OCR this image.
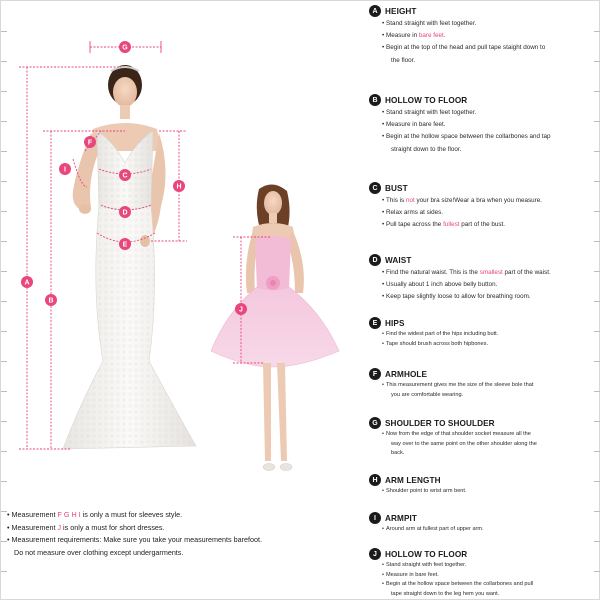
G
F
I
C
H
D
E
A
B
J
• Measurement F G H I is only a must for sleeves style.
• Measurement J is only a must for short dresses.
• Measurement requirements: Make sure you take your measurements barefoot.
Do not measure over clothing except undergarments.
A HEIGHT
• Stand straight with feet together.
• Measure in bare feet.
• Begin at the top of the head and pull tape staight down to
the floor.
B HOLLOW TO FLOOR
• Stand straight with feet together.
• Measure in bare feet.
• Begin at the hollow space between the collarbones and tap
straight down to the floor.
C BUST
• This is not your bra size!Wear a bra when you measure.
• Relax arms at sides.
• Pull tape across the fullest part of the bust.
D WAIST
• Find the natural waist. This is the smallest part of the waist.
• Usually about 1 inch above belly button.
• Keep tape slightly loose to allow for breathing room.
E HIPS
• Find the widest part of the hips including butt.
• Tape should brush across both hipbones.
F ARMHOLE
• This measurement gives me the size of the sleeve bole that
you are comfortable wearing.
G SHOULDER TO SHOULDER
• Now from the edge of that shoulder socket measure all the
way over to the same point on the other shoulder along the
back.
H ARM LENGTH
• Shoulder point to wrist arm bent.
I	ARMPIT
• Around arm at fullest part of upper arm.
J HOLLOW TO FLOOR
• Stand straight with feet together.
• Measure in bare feet.
• Begin at the hollow space between the collarbones and pull
tape straight down to the leg hem you want.
